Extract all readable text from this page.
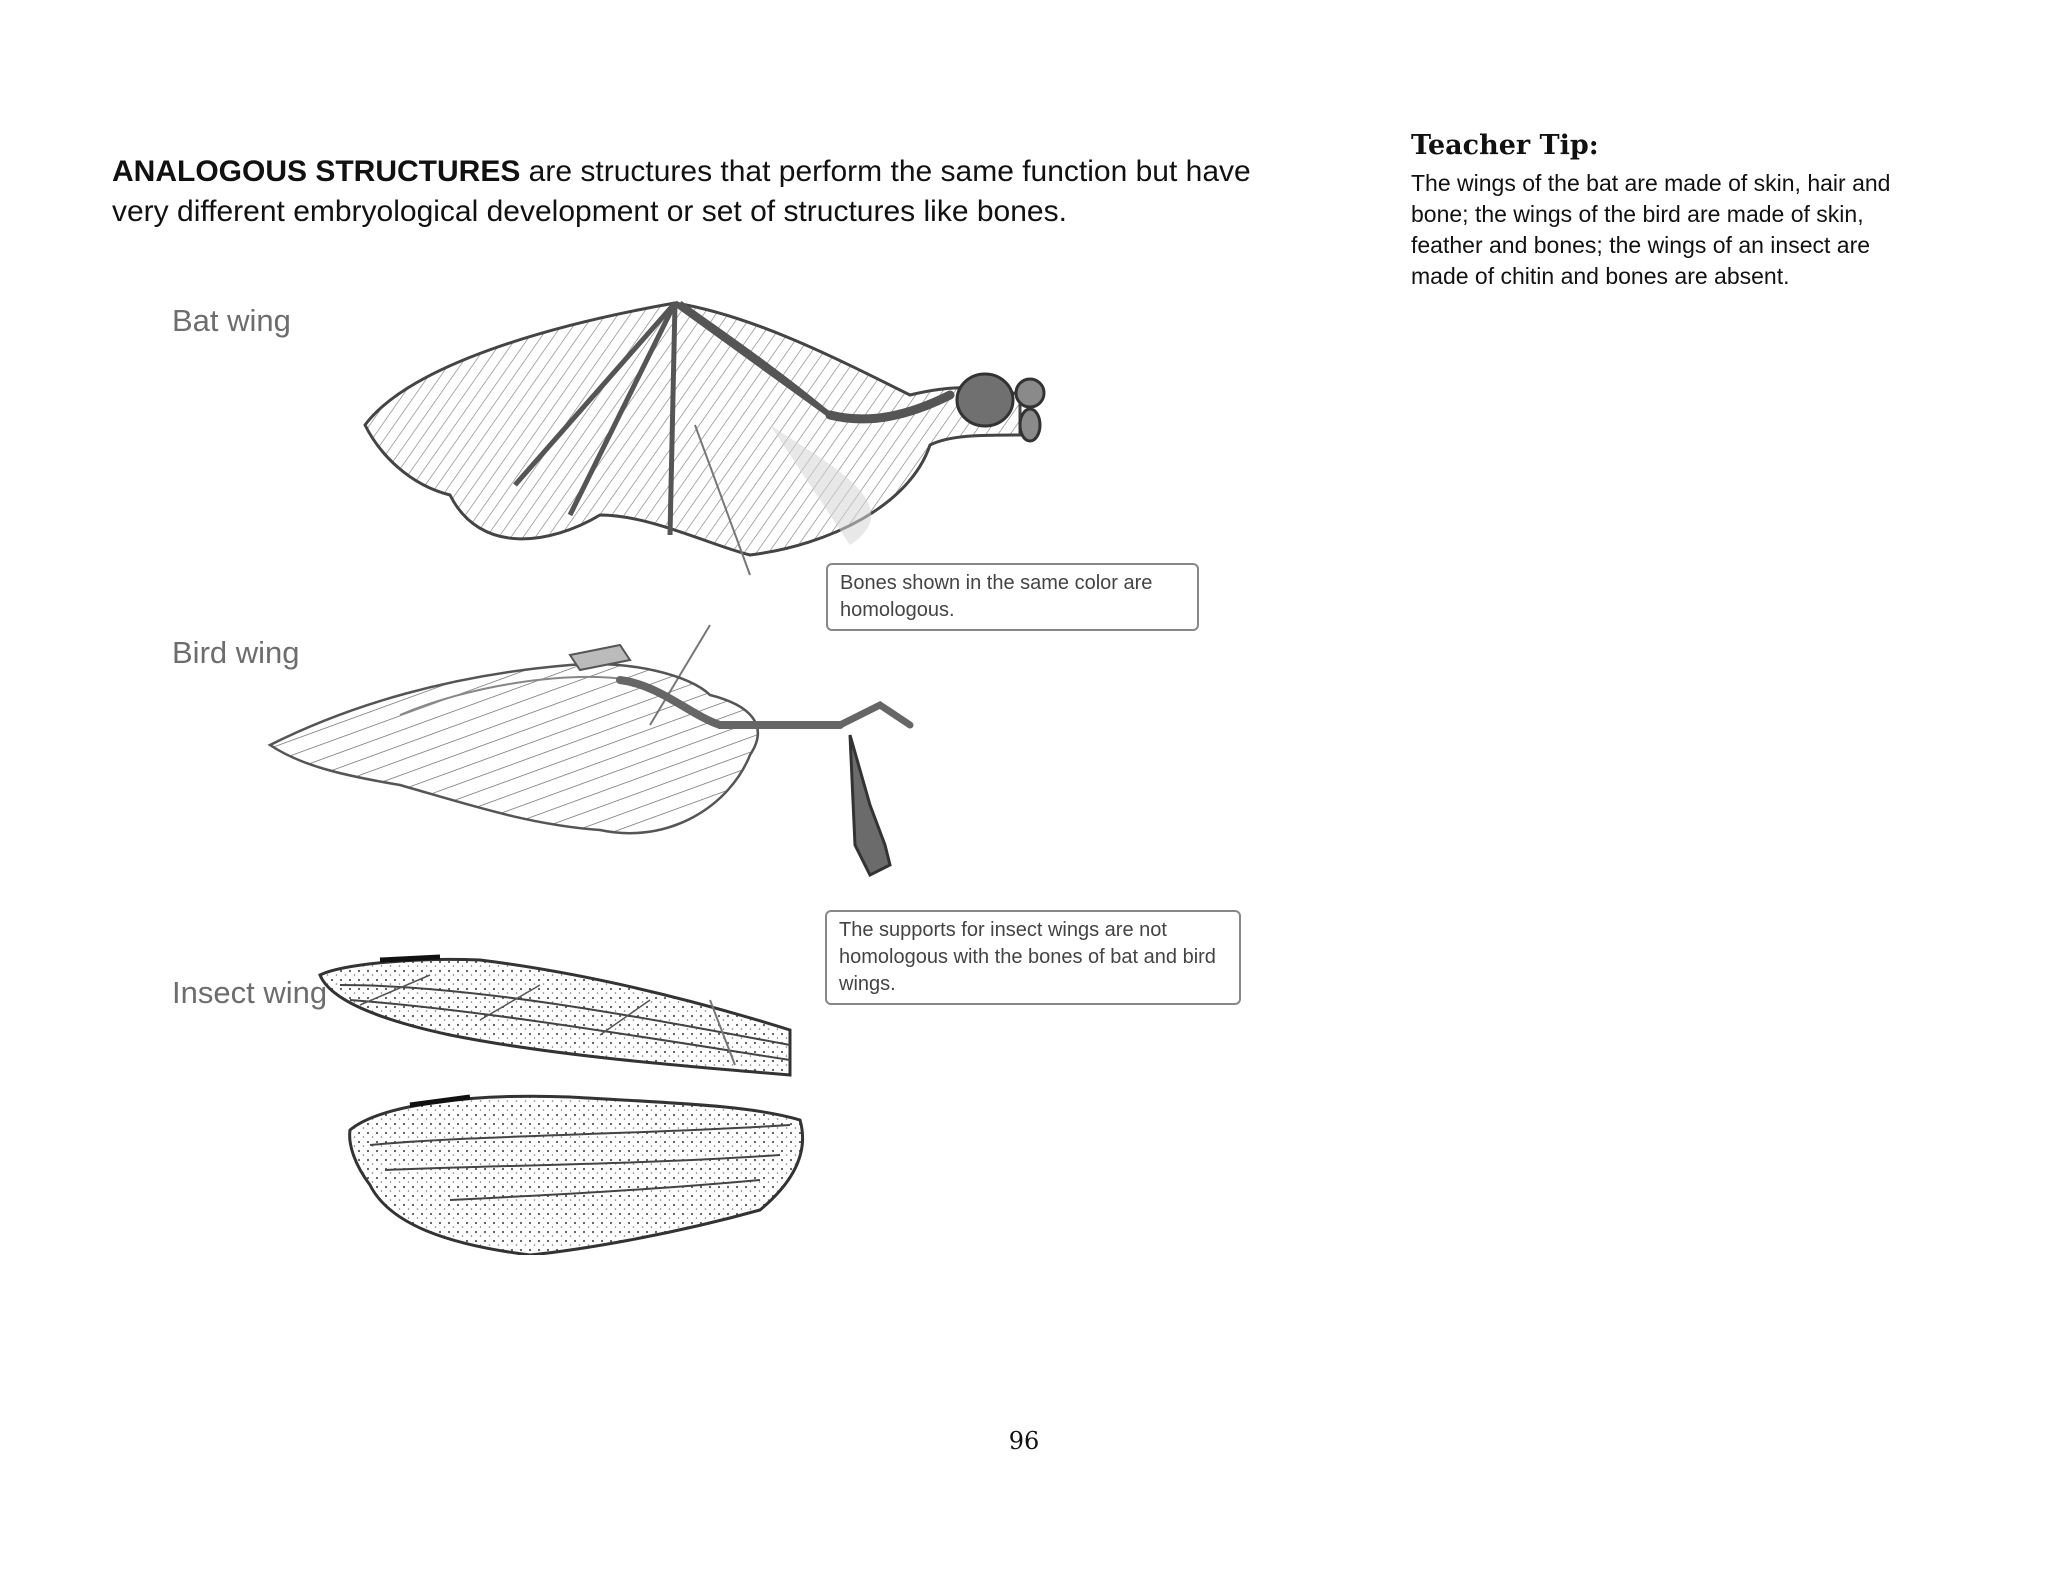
ANALOGOUS STRUCTURES are structures that perform the same function but have very different embryological development or set of structures like bones.

Teacher Tip:

The wings of the bat are made of skin, hair and bone; the wings of the bird are made of skin, feather and bones; the wings of an insect are made of chitin and bones are absent.

Bat wing

Bird wing

Insect wing

Bones shown in the same color are homologous.

The supports for insect wings are not homologous with the bones of bat and bird wings.

96
